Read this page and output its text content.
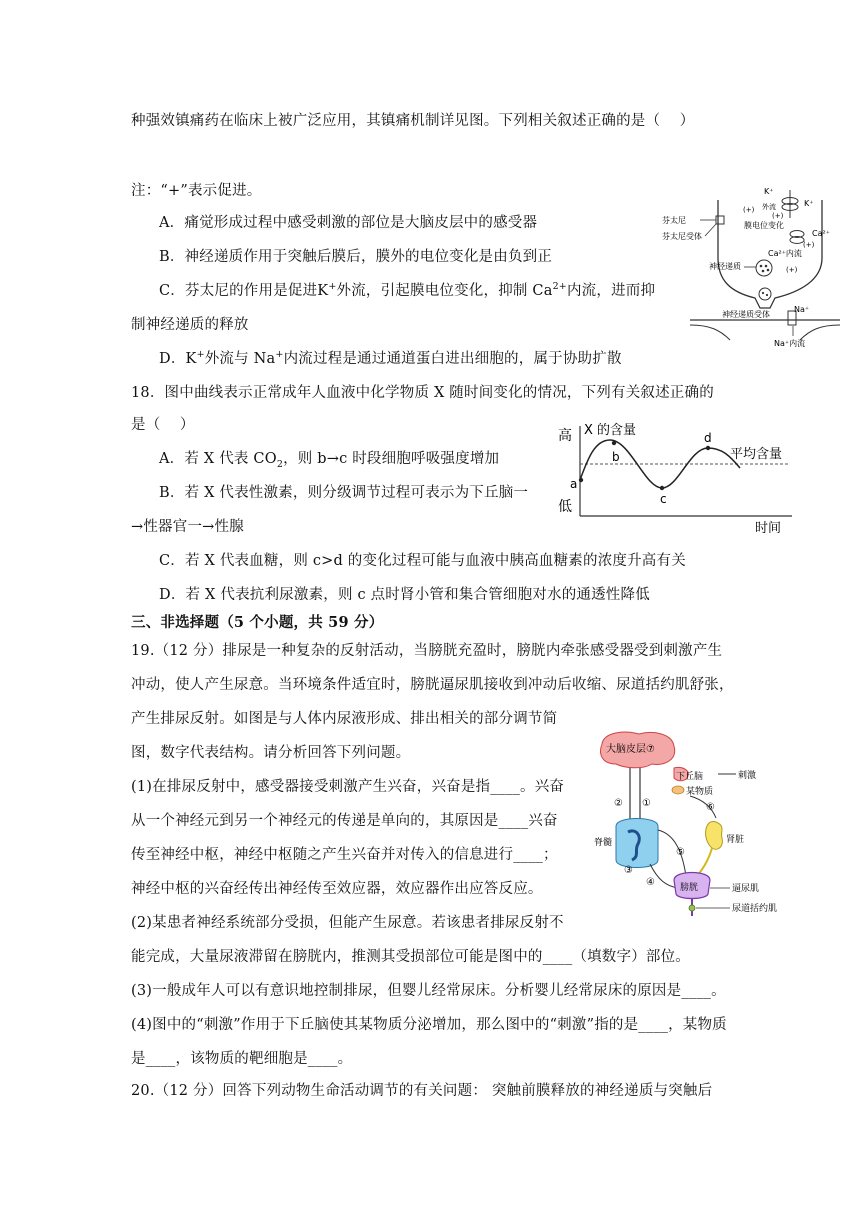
种强效镇痛药在临床上被广泛应用，其镇痛机制详见图。下列相关叙述正确的是（　 ）
注：“+”表示促进。
A．痛觉形成过程中感受刺激的部位是大脑皮层中的感受器
B．神经递质作用于突触后膜后，膜外的电位变化是由负到正
C．芬太尼的作用是促进K+外流，引起膜电位变化，抑制 $Ca^{2+}$内流，进而抑
制神经递质的释放
D．K+外流与 Na+内流过程是通过通道蛋白进出细胞的，属于协助扩散
K⁺
K⁺
外流
(+)
(+)
芬太尼
芬太尼受体
膜电位变化
Ca²⁺
Ca²⁺内流
(+)
(+)
神经递质
神经递质受体
Na⁺
Na⁺内流
18．图中曲线表示正常成年人血液中化学物质 X 随时间变化的情况，下列有关叙述正确的
是（　 ）
A．若 X 代表 $CO_2$，则 b→c 时段细胞呼吸强度增加
B．若 X 代表性激素，则分级调节过程可表示为下丘脑一
→性器官一→性腺
C．若 X 代表血糖，则 c>d 的变化过程可能与血液中胰高血糖素的浓度升高有关
D．若 X 代表抗利尿激素，则 c 点时肾小管和集合管细胞对水的通透性降低
高
低
X 的含量
平均含量
a
b
c
d
时间
三、非选择题（5 个小题，共 59 分）
19.（12 分）排尿是一种复杂的反射活动，当膀胱充盈时，膀胱内牵张感受器受到刺激产生
冲动，使人产生尿意。当环境条件适宜时，膀胱逼尿肌接收到冲动后收缩、尿道括约肌舒张，
产生排尿反射。如图是与人体内尿液形成、排出相关的部分调节简
图，数字代表结构。请分析回答下列问题。
(1)在排尿反射中，感受器接受刺激产生兴奋，兴奋是指____。兴奋
从一个神经元到另一个神经元的传递是单向的，其原因是____兴奋
传至神经中枢，神经中枢随之产生兴奋并对传入的信息进行____；
神经中枢的兴奋经传出神经传至效应器，效应器作出应答反应。
(2)某患者神经系统部分受损，但能产生尿意。若该患者排尿反射不
能完成，大量尿液滞留在膀胱内，推测其受损部位可能是图中的____（填数字）部位。
(3)一般成年人可以有意识地控制排尿，但婴儿经常尿床。分析婴儿经常尿床的原因是____。
(4)图中的“刺激”作用于下丘脑使其某物质分泌增加，那么图中的“刺激”指的是____，某物质
是____，该物质的靶细胞是____。
大脑皮层⑦
下丘脑	刺激
某物质
⑥
② ①
脊髓
③
肾脏
⑤
④	膀胱	逼尿肌
尿道括约肌
20.（12 分）回答下列动物生命活动调节的有关问题： 突触前膜释放的神经递质与突触后
